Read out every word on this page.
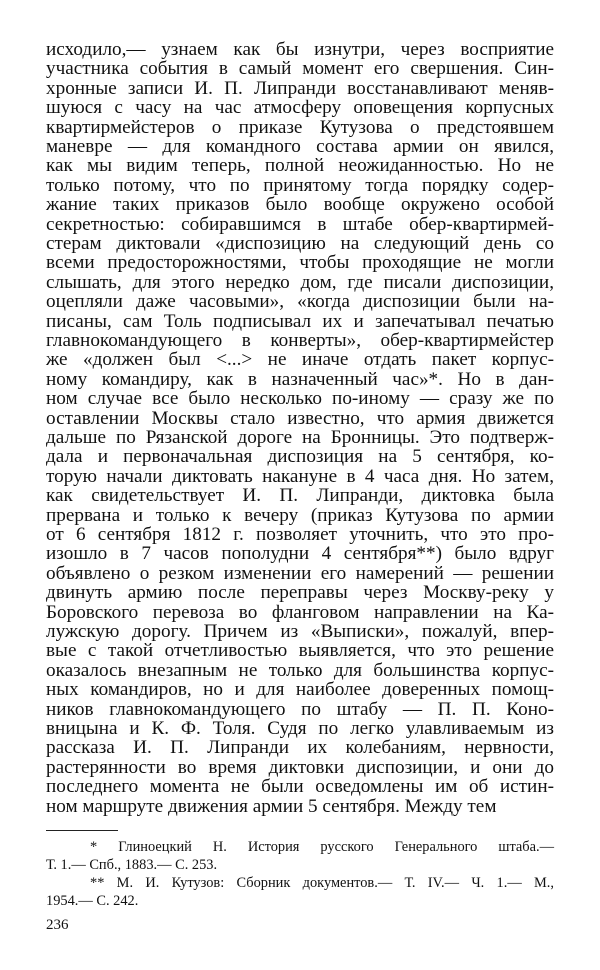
исходило,— узнаем как бы изнутри, через восприятие
участника события в самый момент его свершения. Син-
хронные записи И. П. Липранди восстанавливают меняв-
шуюся с часу на час атмосферу оповещения корпусных
квартирмейстеров о приказе Кутузова о предстоявшем
маневре — для командного состава армии он явился,
как мы видим теперь, полной неожиданностью. Но не
только потому, что по принятому тогда порядку содер-
жание таких приказов было вообще окружено особой
секретностью: собиравшимся в штабе обер-квартирмей-
стерам диктовали «диспозицию на следующий день со
всеми предосторожностями, чтобы проходящие не могли
слышать, для этого нередко дом, где писали диспозиции,
оцепляли даже часовыми», «когда диспозиции были на-
писаны, сам Толь подписывал их и запечатывал печатью
главнокомандующего в конверты», обер-квартирмейстер
же «должен был <...> не иначе отдать пакет корпус-
ному командиру, как в назначенный час»*. Но в дан-
ном случае все было несколько по-иному — сразу же по
оставлении Москвы стало известно, что армия движется
дальше по Рязанской дороге на Бронницы. Это подтверж-
дала и первоначальная диспозиция на 5 сентября, ко-
торую начали диктовать накануне в 4 часа дня. Но затем,
как свидетельствует И. П. Липранди, диктовка была
прервана и только к вечеру (приказ Кутузова по армии
от 6 сентября 1812 г. позволяет уточнить, что это про-
изошло в 7 часов пополудни 4 сентября**) было вдруг
объявлено о резком изменении его намерений — решении
двинуть армию после переправы через Москву-реку у
Боровского перевоза во фланговом направлении на Ка-
лужскую дорогу. Причем из «Выписки», пожалуй, впер-
вые с такой отчетливостью выявляется, что это решение
оказалось внезапным не только для большинства корпус-
ных командиров, но и для наиболее доверенных помощ-
ников главнокомандующего по штабу — П. П. Коно-
вницына и К. Ф. Толя. Судя по легко улавливаемым из
рассказа И. П. Липранди их колебаниям, нервности,
растерянности во время диктовки диспозиции, и они до
последнего момента не были осведомлены им об истин-
ном маршруте движения армии 5 сентября. Между тем
* Глиноецкий Н. История русского Генерального штаба.—
Т. 1.— Спб., 1883.— С. 253.
** М. И. Кутузов: Сборник документов.— Т. IV.— Ч. 1.— М.,
1954.— С. 242.
236
